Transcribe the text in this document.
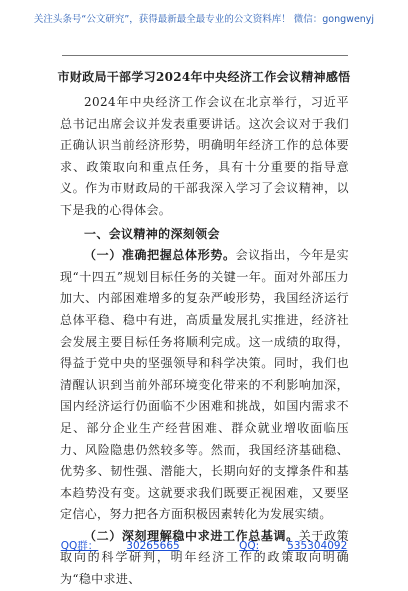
关注头条号“公文研究”，获得最新最全最专业的公文资料库！ 微信：gongwenyj
市财政局干部学习2024年中央经济工作会议精神感悟

2024年中央经济工作会议在北京举行，习近平总书记出席会议并发表重要讲话。这次会议对于我们正确认识当前经济形势，明确明年经济工作的总体要求、政策取向和重点任务，具有十分重要的指导意义。作为市财政局的干部我深入学习了会议精神，以下是我的心得体会。

一、会议精神的深刻领会

（一）准确把握总体形势。会议指出，今年是实现“十四五”规划目标任务的关键一年。面对外部压力加大、内部困难增多的复杂严峻形势，我国经济运行总体平稳、稳中有进，高质量发展扎实推进，经济社会发展主要目标任务将顺利完成。这一成绩的取得，得益于党中央的坚强领导和科学决策。同时，我们也清醒认识到当前外部环境变化带来的不利影响加深，国内经济运行仍面临不少困难和挑战，如国内需求不足、部分企业生产经营困难、群众就业增收面临压力、风险隐患仍然较多等。然而，我国经济基础稳、优势多、韧性强、潜能大，长期向好的支撑条件和基本趋势没有变。这就要求我们既要正视困难，又要坚定信心，努力把各方面积极因素转化为发展实绩。

（二）深刻理解稳中求进工作总基调。关于政策取向的科学研判，明年经济工作的政策取向明确为“稳中求进、

QQ群：	30265665	QQ:	535304092
